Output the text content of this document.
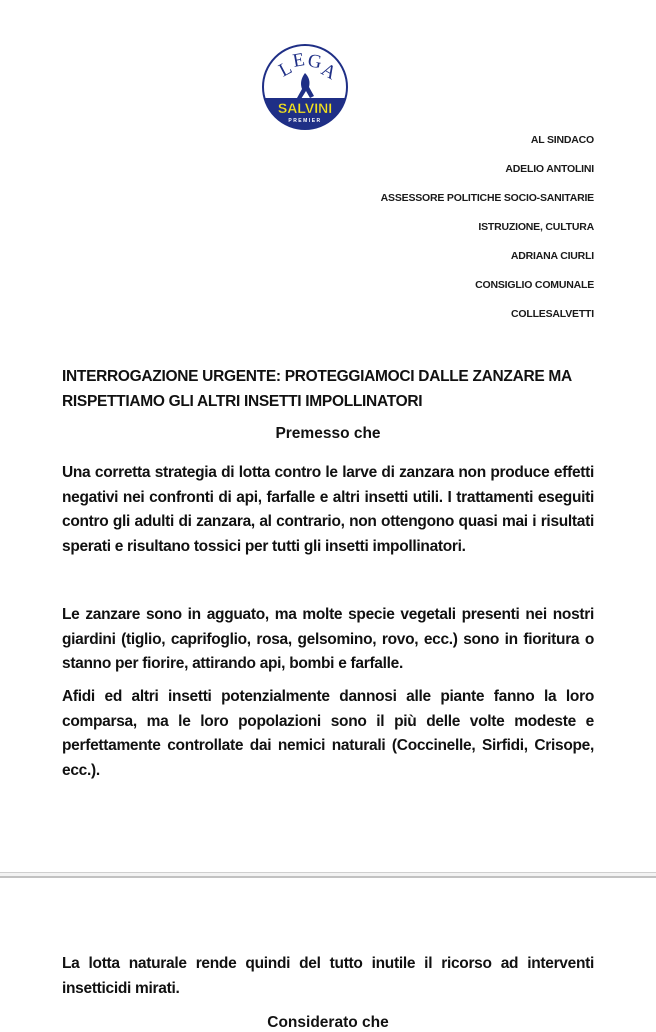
L
E G
A
SALVINI
PREMIER
AL SINDACO
ADELIO ANTOLINI
ASSESSORE POLITICHE SOCIO-SANITARIE
ISTRUZIONE, CULTURA
ADRIANA CIURLI
CONSIGLIO COMUNALE
COLLESALVETTI
INTERROGAZIONE URGENTE: PROTEGGIAMOCI DALLE ZANZARE MA RISPETTIAMO GLI ALTRI INSETTI IMPOLLINATORI
Premesso che
Una corretta strategia di lotta contro le larve di zanzara non produce effetti negativi nei confronti di api, farfalle e altri insetti utili. I trattamenti eseguiti contro gli adulti di zanzara, al contrario, non ottengono quasi mai i risultati sperati e risultano tossici per tutti gli insetti impollinatori.
Le zanzare sono in agguato, ma molte specie vegetali presenti nei nostri giardini (tiglio, caprifoglio, rosa, gelsomino, rovo, ecc.) sono in fioritura o stanno per fiorire, attirando api, bombi e farfalle.
Afidi ed altri insetti potenzialmente dannosi alle piante fanno la loro comparsa, ma le loro popolazioni sono il più delle volte modeste e perfettamente controllate dai nemici naturali (Coccinelle, Sirfidi, Crisope, ecc.).
La lotta naturale rende quindi del tutto inutile il ricorso ad interventi insetticidi mirati.
Considerato che
